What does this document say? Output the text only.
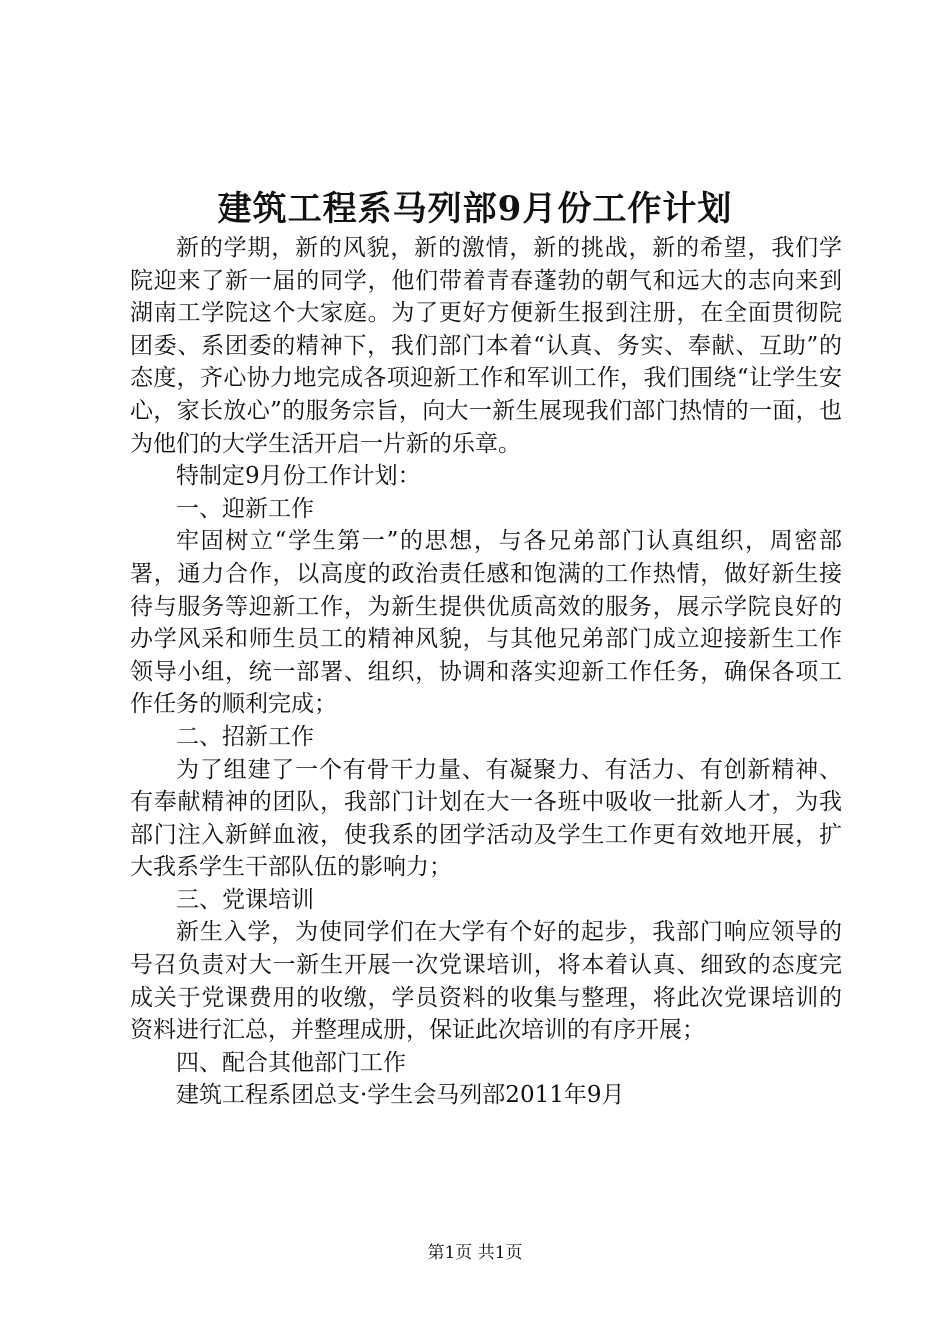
建筑工程系马列部9月份工作计划

新的学期，新的风貌，新的激情，新的挑战，新的希望，我们学院迎来了新一届的同学，他们带着青春蓬勃的朝气和远大的志向来到湖南工学院这个大家庭。为了更好方便新生报到注册，在全面贯彻院团委、系团委的精神下，我们部门本着“认真、务实、奉献、互助”的态度，齐心协力地完成各项迎新工作和军训工作，我们围绕“让学生安心，家长放心”的服务宗旨，向大一新生展现我们部门热情的一面，也为他们的大学生活开启一片新的乐章。

特制定9月份工作计划：

一、迎新工作

牢固树立“学生第一”的思想，与各兄弟部门认真组织，周密部署，通力合作，以高度的政治责任感和饱满的工作热情，做好新生接待与服务等迎新工作，为新生提供优质高效的服务，展示学院良好的办学风采和师生员工的精神风貌，与其他兄弟部门成立迎接新生工作领导小组，统一部署、组织，协调和落实迎新工作任务，确保各项工作任务的顺利完成；

二、招新工作

为了组建了一个有骨干力量、有凝聚力、有活力、有创新精神、有奉献精神的团队，我部门计划在大一各班中吸收一批新人才，为我部门注入新鲜血液，使我系的团学活动及学生工作更有效地开展，扩大我系学生干部队伍的影响力；

三、党课培训

新生入学，为使同学们在大学有个好的起步，我部门响应领导的号召负责对大一新生开展一次党课培训，将本着认真、细致的态度完成关于党课费用的收缴，学员资料的收集与整理，将此次党课培训的资料进行汇总，并整理成册，保证此次培训的有序开展；

四、配合其他部门工作

建筑工程系团总支·学生会马列部2011年9月

第1页 共1页
